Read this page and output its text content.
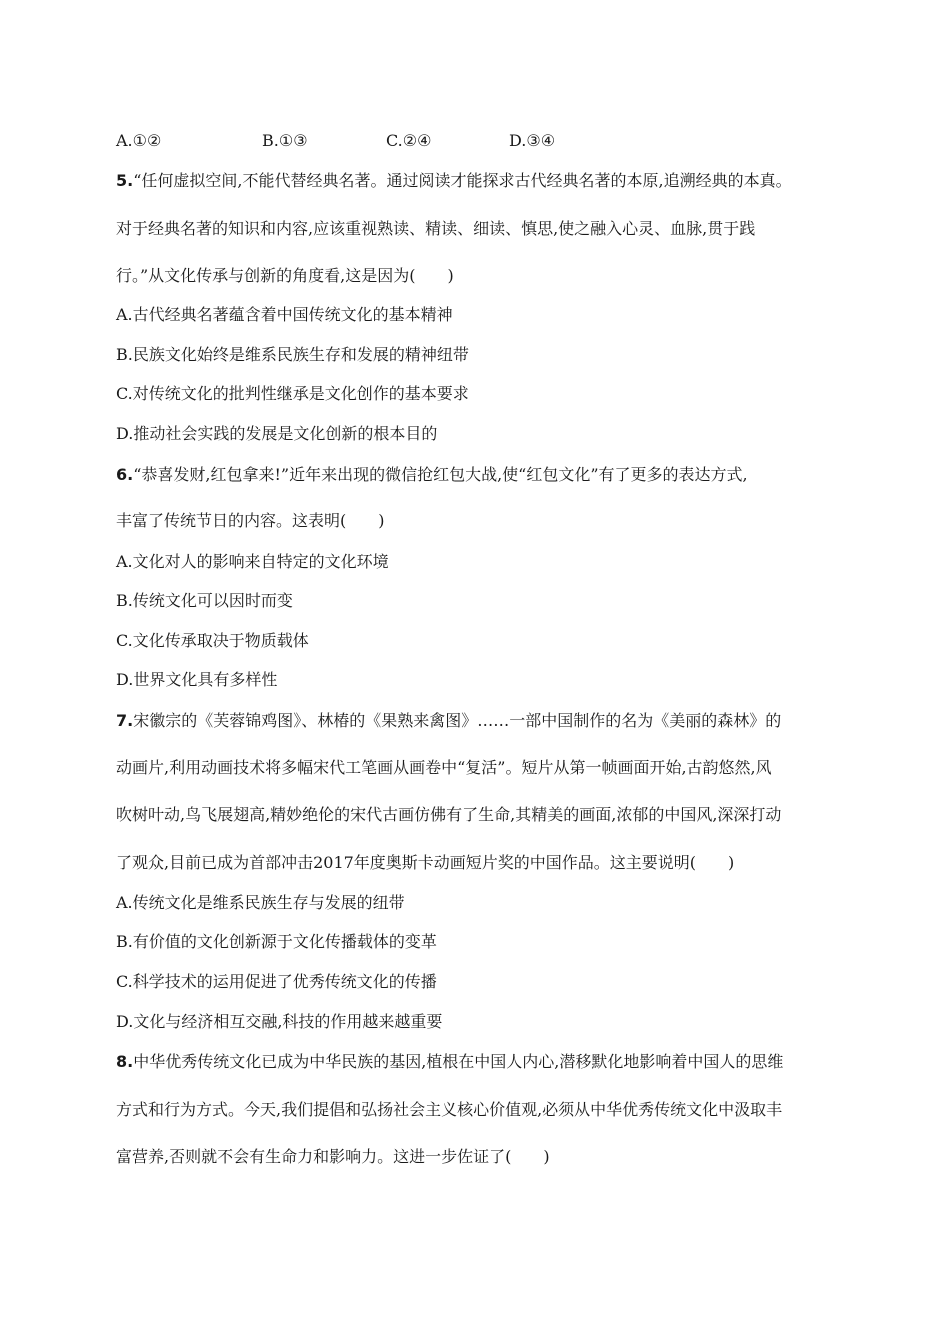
A.①②	B.①③	C.②④	D.③④
5.“任何虚拟空间,不能代替经典名著。通过阅读才能探求古代经典名著的本原,追溯经典的本真。
对于经典名著的知识和内容,应该重视熟读、精读、细读、慎思,使之融入心灵、血脉,贯于践
行。”从文化传承与创新的角度看,这是因为(　　)
A.古代经典名著蕴含着中国传统文化的基本精神
B.民族文化始终是维系民族生存和发展的精神纽带
C.对传统文化的批判性继承是文化创作的基本要求
D.推动社会实践的发展是文化创新的根本目的
6.“恭喜发财,红包拿来!”近年来出现的微信抢红包大战,使“红包文化”有了更多的表达方式,
丰富了传统节日的内容。这表明(　　)
A.文化对人的影响来自特定的文化环境
B.传统文化可以因时而变
C.文化传承取决于物质载体
D.世界文化具有多样性
7.宋徽宗的《芙蓉锦鸡图》、林椿的《果熟来禽图》……一部中国制作的名为《美丽的森林》的
动画片,利用动画技术将多幅宋代工笔画从画卷中“复活”。短片从第一帧画面开始,古韵悠然,风
吹树叶动,鸟飞展翅高,精妙绝伦的宋代古画仿佛有了生命,其精美的画面,浓郁的中国风,深深打动
了观众,目前已成为首部冲击2017年度奥斯卡动画短片奖的中国作品。这主要说明(　　)
A.传统文化是维系民族生存与发展的纽带
B.有价值的文化创新源于文化传播载体的变革
C.科学技术的运用促进了优秀传统文化的传播
D.文化与经济相互交融,科技的作用越来越重要
8.中华优秀传统文化已成为中华民族的基因,植根在中国人内心,潜移默化地影响着中国人的思维
方式和行为方式。今天,我们提倡和弘扬社会主义核心价值观,必须从中华优秀传统文化中汲取丰
富营养,否则就不会有生命力和影响力。这进一步佐证了(　　)
